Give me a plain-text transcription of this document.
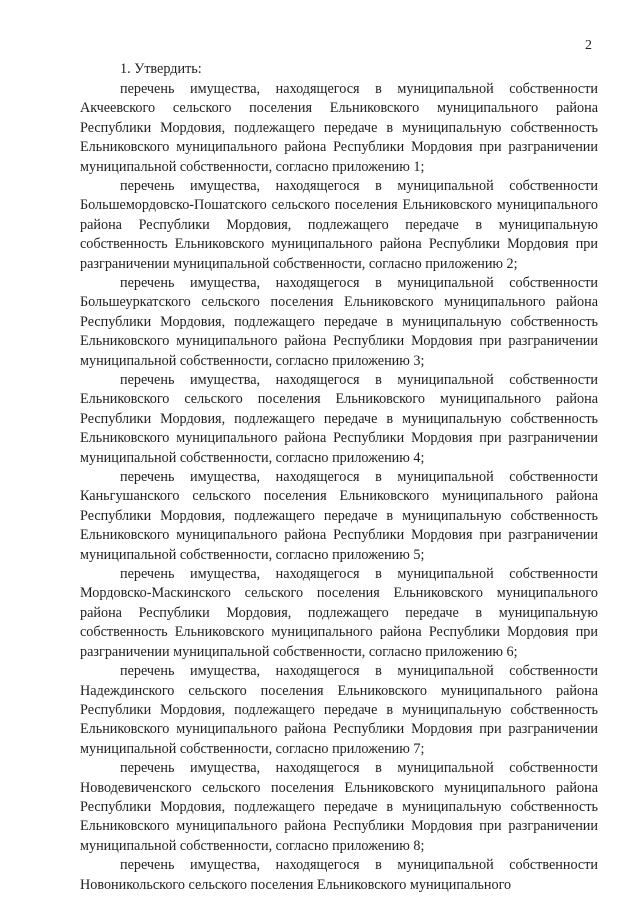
2

1. Утвердить:

перечень имущества, находящегося в муниципальной собственности Акчеевского сельского поселения Ельниковского муниципального района Республики Мордовия, подлежащего передаче в муниципальную собственность Ельниковского муниципального района Республики Мордовия при разграничении муниципальной собственности, согласно приложению 1;

перечень имущества, находящегося в муниципальной собственности Большемордовско-Пошатского сельского поселения Ельниковского муниципального района Республики Мордовия, подлежащего передаче в муниципальную собственность Ельниковского муниципального района Республики Мордовия при разграничении муниципальной собственности, согласно приложению 2;

перечень имущества, находящегося в муниципальной собственности Большеуркатского сельского поселения Ельниковского муниципального района Республики Мордовия, подлежащего передаче в муниципальную собственность Ельниковского муниципального района Республики Мордовия при разграничении муниципальной собственности, согласно приложению 3;

перечень имущества, находящегося в муниципальной собственности Ельниковского сельского поселения Ельниковского муниципального района Республики Мордовия, подлежащего передаче в муниципальную собственность Ельниковского муниципального района Республики Мордовия при разграничении муниципальной собственности, согласно приложению 4;

перечень имущества, находящегося в муниципальной собственности Каньгушанского сельского поселения Ельниковского муниципального района Республики Мордовия, подлежащего передаче в муниципальную собственность Ельниковского муниципального района Республики Мордовия при разграничении муниципальной собственности, согласно приложению 5;

перечень имущества, находящегося в муниципальной собственности Мордовско-Маскинского сельского поселения Ельниковского муниципального района Республики Мордовия, подлежащего передаче в муниципальную собственность Ельниковского муниципального района Республики Мордовия при разграничении муниципальной собственности, согласно приложению 6;

перечень имущества, находящегося в муниципальной собственности Надеждинского сельского поселения Ельниковского муниципального района Республики Мордовия, подлежащего передаче в муниципальную собственность Ельниковского муниципального района Республики Мордовия при разграничении муниципальной собственности, согласно приложению 7;

перечень имущества, находящегося в муниципальной собственности Новодевиченского сельского поселения Ельниковского муниципального района Республики Мордовия, подлежащего передаче в муниципальную собственность Ельниковского муниципального района Республики Мордовия при разграничении муниципальной собственности, согласно приложению 8;

перечень имущества, находящегося в муниципальной собственности Новоникольского сельского поселения Ельниковского муниципального
